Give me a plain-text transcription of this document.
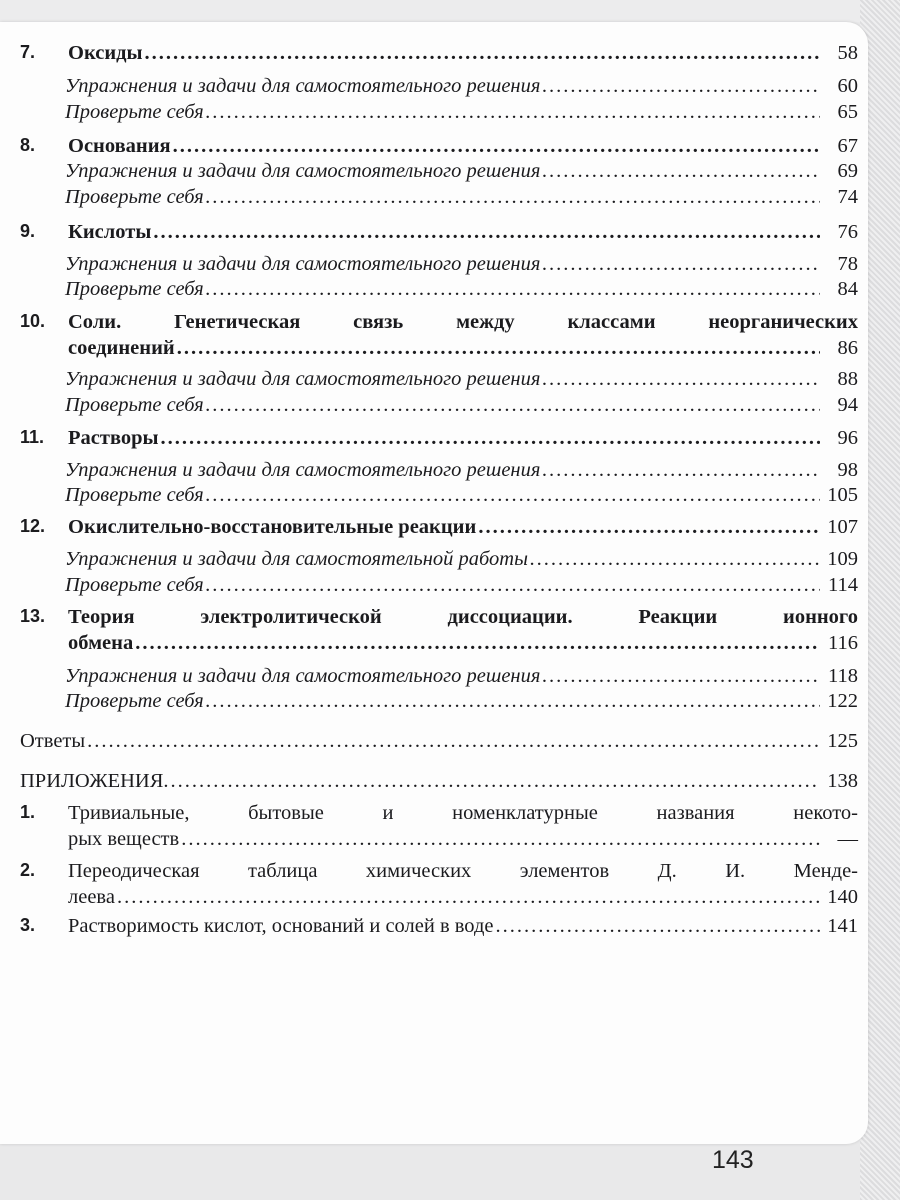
7. Оксиды .....	58
Упражнения и задачи для самостоятельного решения .....	60
Проверьте себя .....	65
8. Основания .....	67
Упражнения и задачи для самостоятельного решения .....	69
Проверьте себя .....	74
9. Кислоты .....	76
Упражнения и задачи для самостоятельного решения .....	78
Проверьте себя .....	84
10. Соли. Генетическая связь между классами неорганических
соединений .....	86
Упражнения и задачи для самостоятельного решения .....	88
Проверьте себя .....	94
11. Растворы .....	96
Упражнения и задачи для самостоятельного решения .....	98
Проверьте себя .....	105
12. Окислительно-восстановительные реакции .....	107
Упражнения и задачи для самостоятельной работы .....	109
Проверьте себя .....	114
13. Теория электролитической диссоциации. Реакции ионного
обмена .....	116
Упражнения и задачи для самостоятельного решения .....	118
Проверьте себя .....	122
Ответы .....	125
ПРИЛОЖЕНИЯ. .....	138
1. Тривиальные, бытовые и номенклатурные названия некото-
рых веществ .....	—
2. Переодическая таблица химических элементов Д. И. Менде-
леева .....	140
3. Растворимость кислот, оснований и солей в воде .....	141
143
